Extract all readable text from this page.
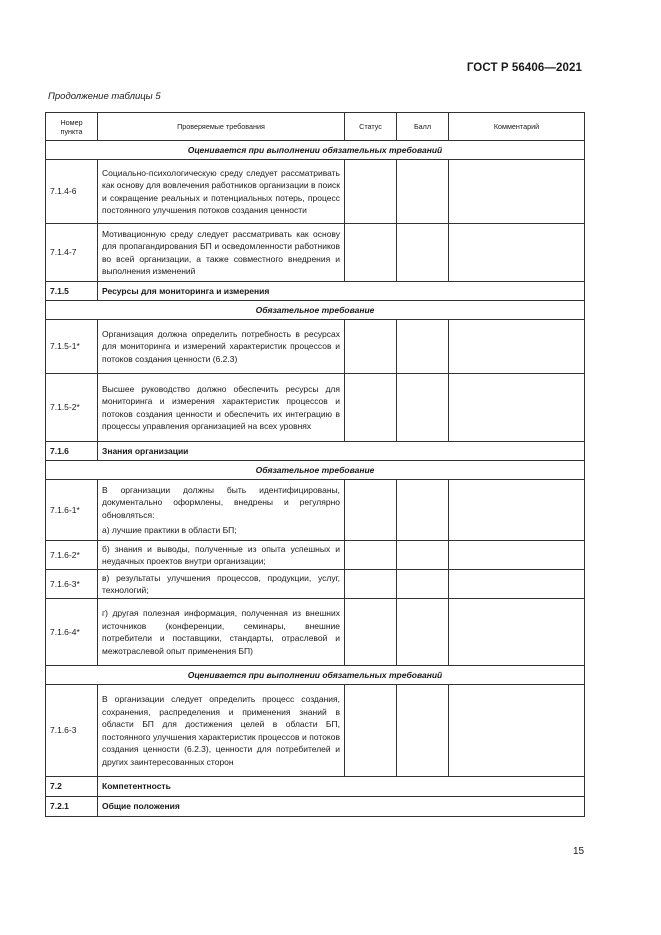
ГОСТ Р 56406—2021
Продолжение таблицы 5
Номер пункта	Проверяемые требования	Статус	Балл	Комментарий
Оценивается при выполнении обязательных требований				
7.1.4-6	Социально-психологическую среду следует рассматривать как основу для вовлечения работников организации в поиск и сокращение реальных и потенциальных потерь, процесс постоянного улучшения потоков создания ценности			
7.1.4-7	Мотивационную среду следует рассматривать как основу для пропагандирования БП и осведомленности работников во всей организации, а также совместного внедрения и выполнения изменений			
7.1.5	Ресурсы для мониторинга и измерения			
Обязательное требование				
7.1.5-1*	Организация должна определить потребность в ресурсах для мониторинга и измерений характеристик процессов и потоков создания ценности (6.2.3)			
7.1.5-2*	Высшее руководство должно обеспечить ресурсы для мониторинга и измерения характеристик процессов и потоков создания ценности и обеспечить их интеграцию в процессы управления организацией на всех уровнях			
7.1.6	Знания организации			
Обязательное требование				
7.1.6-1*	В организации должны быть идентифицированы, документально оформлены, внедрены и регулярно обновляться:
а) лучшие практики в области БП;			

7.1.6-2*	б) знания и выводы, полученные из опыта успешных и неудачных проектов внутри организации;			
7.1.6-3*	в) результаты улучшения процессов, продукции, услуг, технологий;			
7.1.6-4*	г) другая полезная информация, полученная из внешних источников (конференции, семинары, внешние потребители и поставщики, стандарты, отраслевой и межотраслевой опыт применения БП)			
Оценивается при выполнении обязательных требований				
7.1.6-3	В организации следует определить процесс создания, сохранения, распределения и применения знаний в области БП для достижения целей в области БП, постоянного улучшения характеристик процессов и потоков создания ценности (6.2.3), ценности для потребителей и других заинтересованных сторон			
7.2	Компетентность			
7.2.1	Общие положения			
15
